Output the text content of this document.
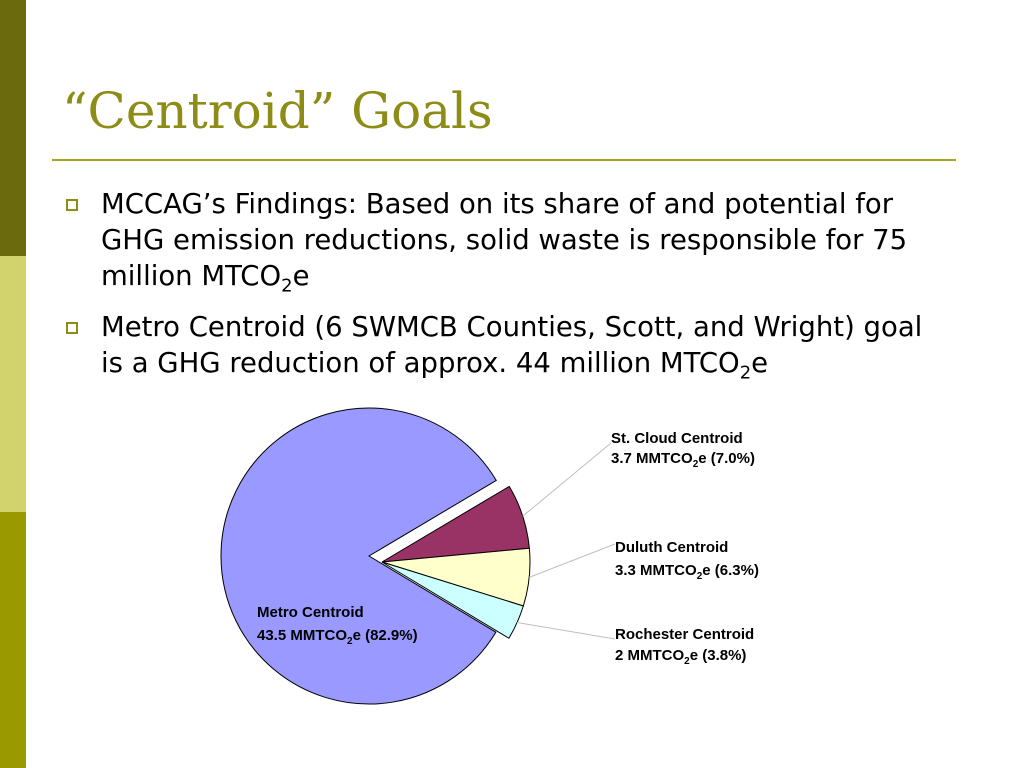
“Centroid” Goals
MCCAG’s Findings: Based on its share of and potential for GHG emission reductions, solid waste is responsible for 75 million $MTCO_2e$
Metro Centroid (6 SWMCB Counties, Scott, and Wright) goal is a GHG reduction of approx. 44 million $MTCO_2e$
Metro Centroid
43.5 $MMTCO_2e$ (82.9%)
St. Cloud Centroid
3.7 $MMTCO_2e$ (7.0%)
Duluth Centroid
3.3 $MMTCO_2e$ (6.3%)
Rochester Centroid
2 $MMTCO_2e$ (3.8%)
